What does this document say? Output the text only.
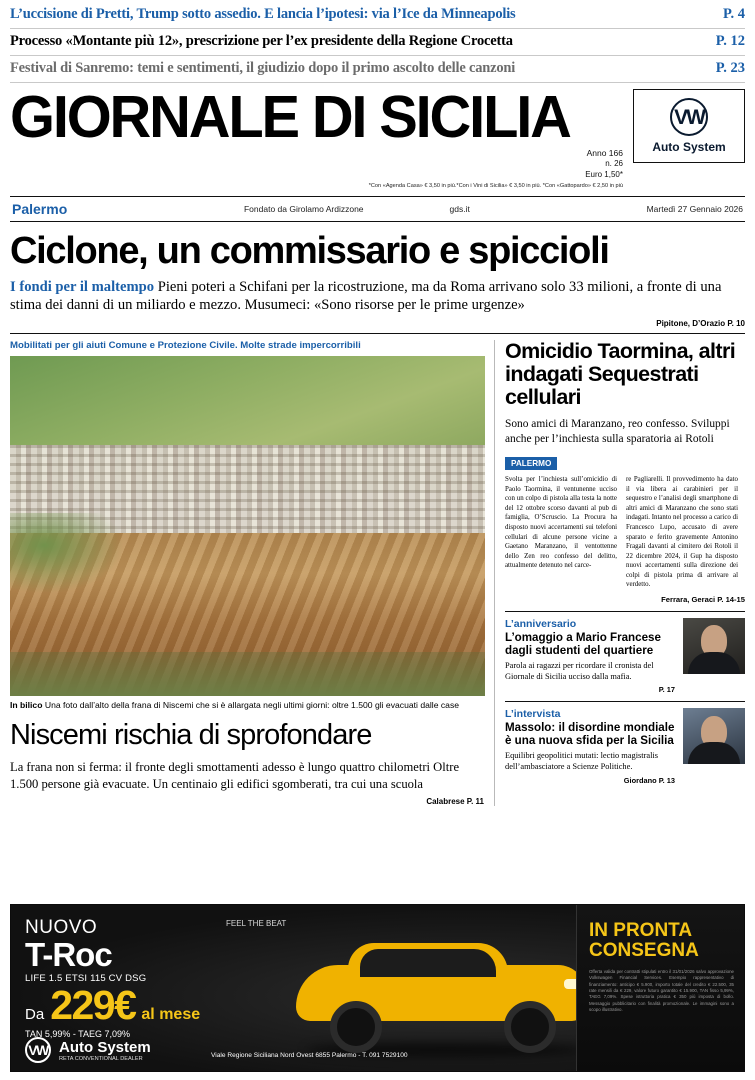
L’uccisione di Pretti, Trump sotto assedio. E lancia l’ipotesi: via l’Ice da Minneapolis	P. 4
Processo «Montante più 12», prescrizione per l’ex presidente della Regione Crocetta	P. 12
Festival di Sanremo: temi e sentimenti, il giudizio dopo il primo ascolto delle canzoni	P. 23
GIORNALE DI SICILIA
Anno 166
n. 26
Euro 1,50*
*Con «Agenda Casa» € 3,50 in più.*Con i Vini di Sicilia» € 3,50 in più. *Con «Gattopardo» € 2,50 in più
VW
Auto System
Palermo	Fondato da Girolamo Ardizzone	gds.it	Martedì 27 Gennaio 2026
Ciclone, un commissario e spiccioli

I fondi per il maltempo Pieni poteri a Schifani per la ricostruzione, ma da Roma arrivano solo 33 milioni, a fronte di una stima dei danni di un miliardo e mezzo. Musumeci: «Sono risorse per le prime urgenze»

Pipitone, D’Orazio P. 10

Mobilitati per gli aiuti Comune e Protezione Civile. Molte strade impercorribili
In bilico Una foto dall’alto della frana di Niscemi che si è allargata negli ultimi giorni: oltre 1.500 gli evacuati dalle case
Niscemi rischia di sprofondare

La frana non si ferma: il fronte degli smottamenti adesso è lungo quattro chilometri Oltre 1.500 persone già evacuate. Un centinaio gli edifici sgomberati, tra cui una scuola

Calabrese P. 11
Omicidio Taormina, altri indagati Sequestrati cellulari

Sono amici di Maranzano, reo confesso. Sviluppi anche per l’inchiesta sulla sparatoria ai Rotoli

PALERMO
Svolta per l’inchiesta sull’omicidio di Paolo Taormina, il ventunenne ucciso con un colpo di pistola alla testa la notte del 12 ottobre scorso davanti al pub di famiglia, O’Scruscio. La Procura ha disposto nuovi accertamenti sui telefoni cellulari di alcune persone vicine a Gaetano Maranzano, il ventottenne dello Zen reo confesso del delitto, attualmente detenuto nel carce-
re Pagliarelli. Il provvedimento ha dato il via libera ai carabinieri per il sequestro e l’analisi degli smartphone di altri amici di Maranzano che sono stati indagati. Intanto nel processo a carico di Francesco Lupo, accusato di avere sparato e ferito gravemente Antonino Fragalì davanti al cimitero dei Rotoli il 22 dicembre 2024, il Gup ha disposto nuovi accertamenti sulla direzione dei colpi di pistola prima di arrivare al verdetto.
Ferrara, Geraci P. 14-15
L’anniversario
L’omaggio a Mario Francese dagli studenti del quartiere
Parola ai ragazzi per ricordare il cronista del Giornale di Sicilia ucciso dalla mafia.
P. 17
L’intervista
Massolo: il disordine mondiale è una nuova sfida per la Sicilia
Equilibri geopolitici mutati: lectio magistralis dell’ambasciatore a Scienze Politiche.
Giordano P. 13
NUOVO
T-Roc
LIFE 1.5 ETSI 115 CV DSG
Da 229€ al mese
TAN 5,99% - TAEG 7,09%
FEEL THE BEAT
VW Auto System
RETA CONVENTIONAL DEALER	Viale Regione Siciliana Nord Ovest 6855 Palermo - T. 091 7529100
IN PRONTA CONSEGNA
Offerta valida per contratti stipulati entro il 31/01/2026 salvo approvazione Volkswagen Financial Services. Esempio rappresentativo di finanziamento: anticipo € 5.900, importo totale del credito € 22.500, 35 rate mensili da € 229, valore futuro garantito € 15.900, TAN fisso 5,99%, TAEG 7,09%. Spese istruttoria pratica € 350 più imposta di bollo. Messaggio pubblicitario con finalità promozionale. Le immagini sono a scopo illustrativo.
